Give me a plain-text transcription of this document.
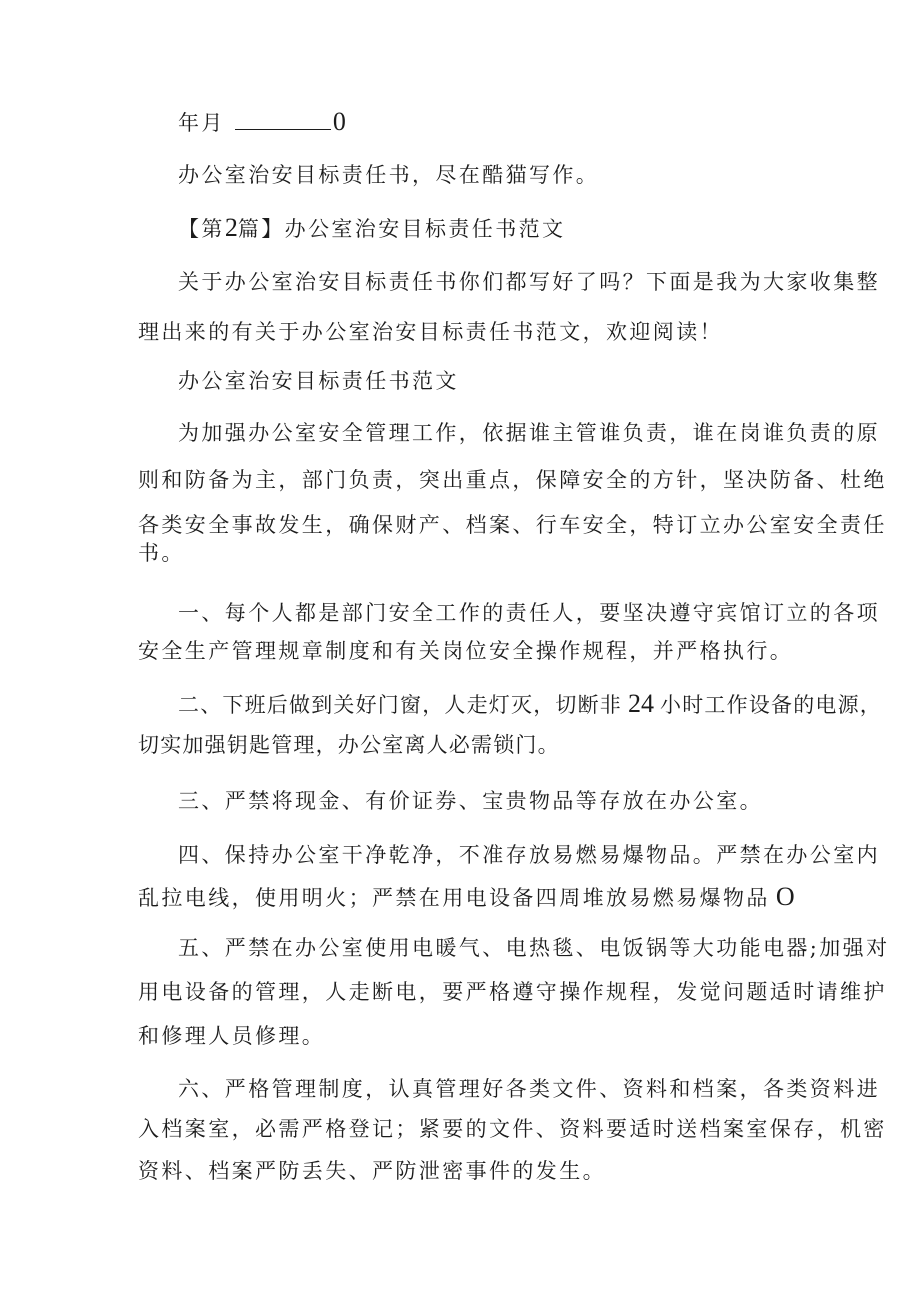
年月	0
办公室治安目标责任书，尽在酷猫写作。
【第2篇】办公室治安目标责任书范文
关于办公室治安目标责任书你们都写好了吗？下面是我为大家收集整
理出来的有关于办公室治安目标责任书范文，欢迎阅读！
办公室治安目标责任书范文
为加强办公室安全管理工作，依据谁主管谁负责，谁在岗谁负责的原
则和防备为主，部门负责，突出重点，保障安全的方针，坚决防备、杜绝
各类安全事故发生，确保财产、档案、行车安全，特订立办公室安全责任
书。
一、每个人都是部门安全工作的责任人，要坚决遵守宾馆订立的各项
安全生产管理规章制度和有关岗位安全操作规程，并严格执行。
二、下班后做到关好门窗，人走灯灭，切断非 24 小时工作设备的电源，
切实加强钥匙管理，办公室离人必需锁门。
三、严禁将现金、有价证券、宝贵物品等存放在办公室。
四、保持办公室干净乾净，不准存放易燃易爆物品。严禁在办公室内
乱拉电线，使用明火；严禁在用电设备四周堆放易燃易爆物品 O
五、严禁在办公室使用电暖气、电热毯、电饭锅等大功能电器;加强对
用电设备的管理，人走断电，要严格遵守操作规程，发觉问题适时请维护
和修理人员修理。
六、严格管理制度，认真管理好各类文件、资料和档案，各类资料进
入档案室，必需严格登记；紧要的文件、资料要适时送档案室保存，机密
资料、档案严防丢失、严防泄密事件的发生。
